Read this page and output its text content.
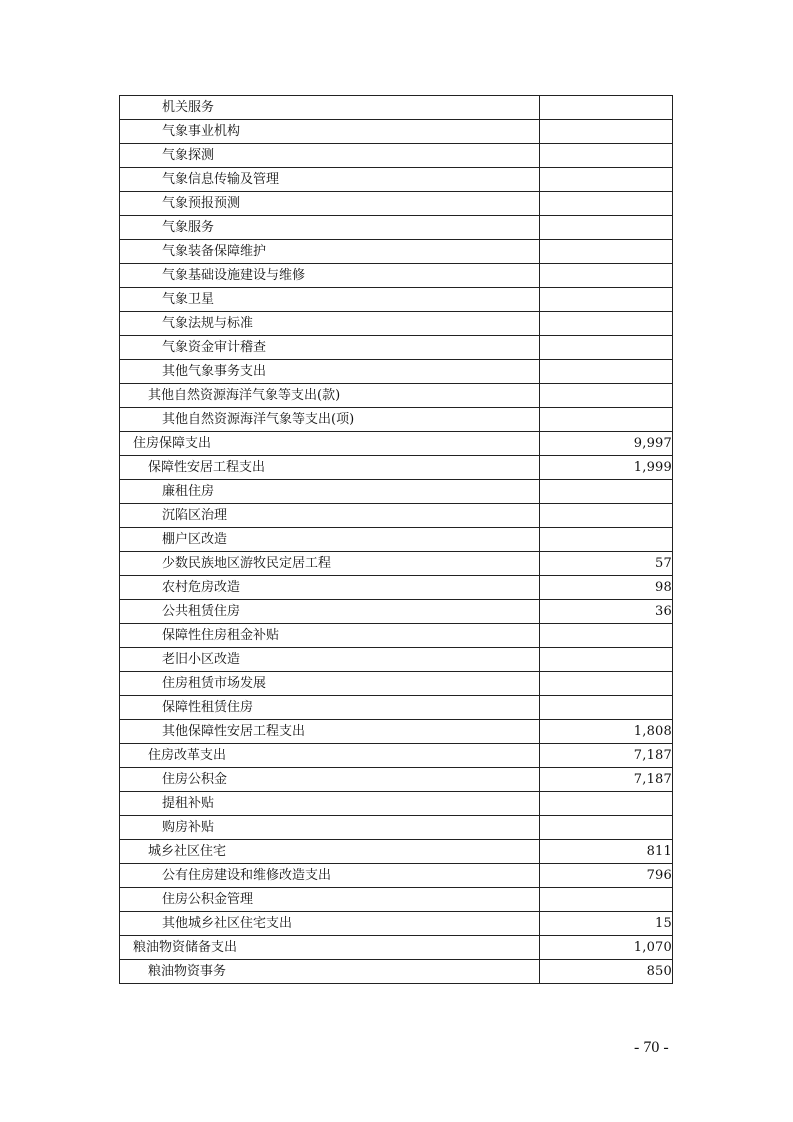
机关服务	
气象事业机构	
气象探测	
气象信息传输及管理	
气象预报预测	
气象服务	
气象装备保障维护	
气象基础设施建设与维修	
气象卫星	
气象法规与标准	
气象资金审计稽查	
其他气象事务支出	
其他自然资源海洋气象等支出(款)	
其他自然资源海洋气象等支出(项)	
住房保障支出	9,997
保障性安居工程支出	1,999
廉租住房	
沉陷区治理	
棚户区改造	
少数民族地区游牧民定居工程	57
农村危房改造	98
公共租赁住房	36
保障性住房租金补贴	
老旧小区改造	
住房租赁市场发展	
保障性租赁住房	
其他保障性安居工程支出	1,808
住房改革支出	7,187
住房公积金	7,187
提租补贴	
购房补贴	
城乡社区住宅	811
公有住房建设和维修改造支出	796
住房公积金管理	
其他城乡社区住宅支出	15
粮油物资储备支出	1,070
粮油物资事务	850
- 70 -
